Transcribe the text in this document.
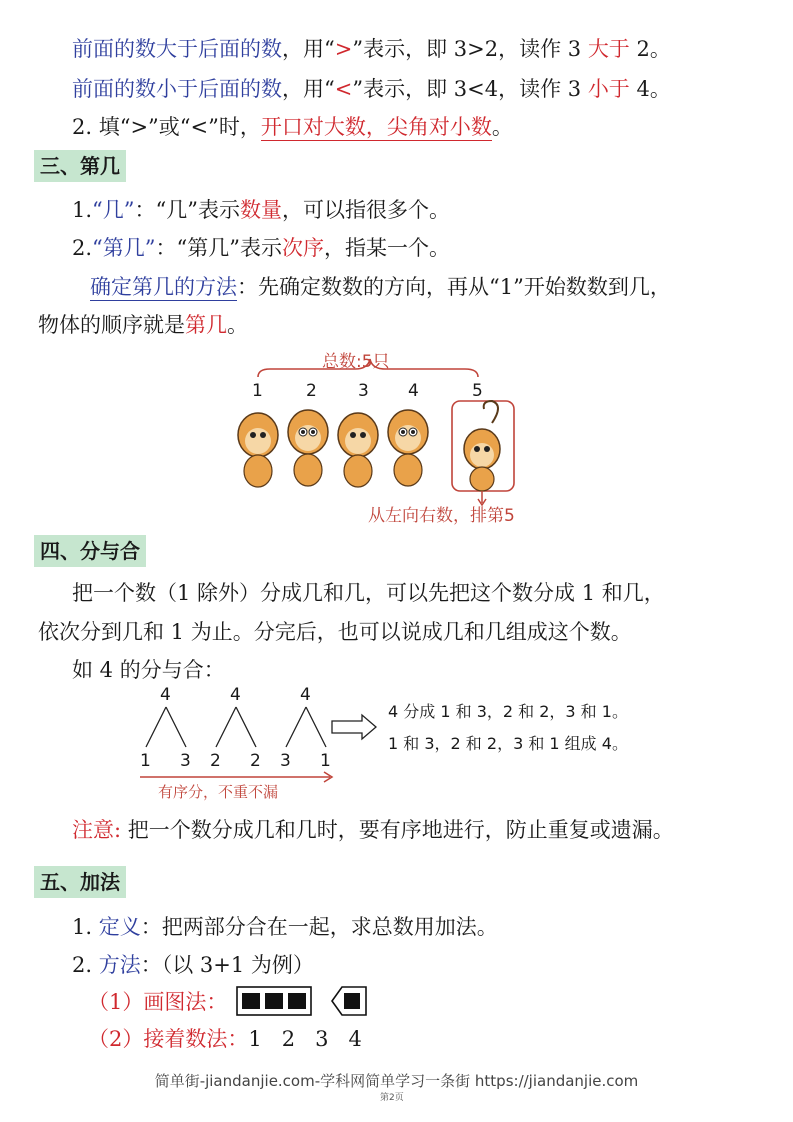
前面的数大于后面的数，用“>”表示，即 3>2，读作 3 大于 2。
前面的数小于后面的数，用“<”表示，即 3<4，读作 3 小于 4。
2. 填“>”或“<”时，开口对大数，尖角对小数。
三、第几
1.“几”：“几”表示数量，可以指很多个。
2.“第几”：“第几”表示次序，指某一个。
确定第几的方法：先确定数数的方向，再从“1”开始数数到几，
物体的顺序就是第几。
总数:5只
1	2 3 4	5
从左向右数，排第5
四、分与合
把一个数（1 除外）分成几和几，可以先把这个数分成 1 和几，
依次分到几和 1 为止。分完后，也可以说成几和几组成这个数。
如 4 的分与合：
4	4	4
1 3 2 2 3 1
有序分，不重不漏
4 分成 1 和 3，2 和 2，3 和 1。
1 和 3，2 和 2，3 和 1 组成 4。
注意: 把一个数分成几和几时，要有序地进行，防止重复或遗漏。
五、加法
1. 定义：把两部分合在一起，求总数用加法。
2. 方法：（以 3+1 为例）
（1）画图法：
（2）接着数法：1   2   3   4
简单街-jiandanjie.com-学科网简单学习一条街 https://jiandanjie.com
第2页
